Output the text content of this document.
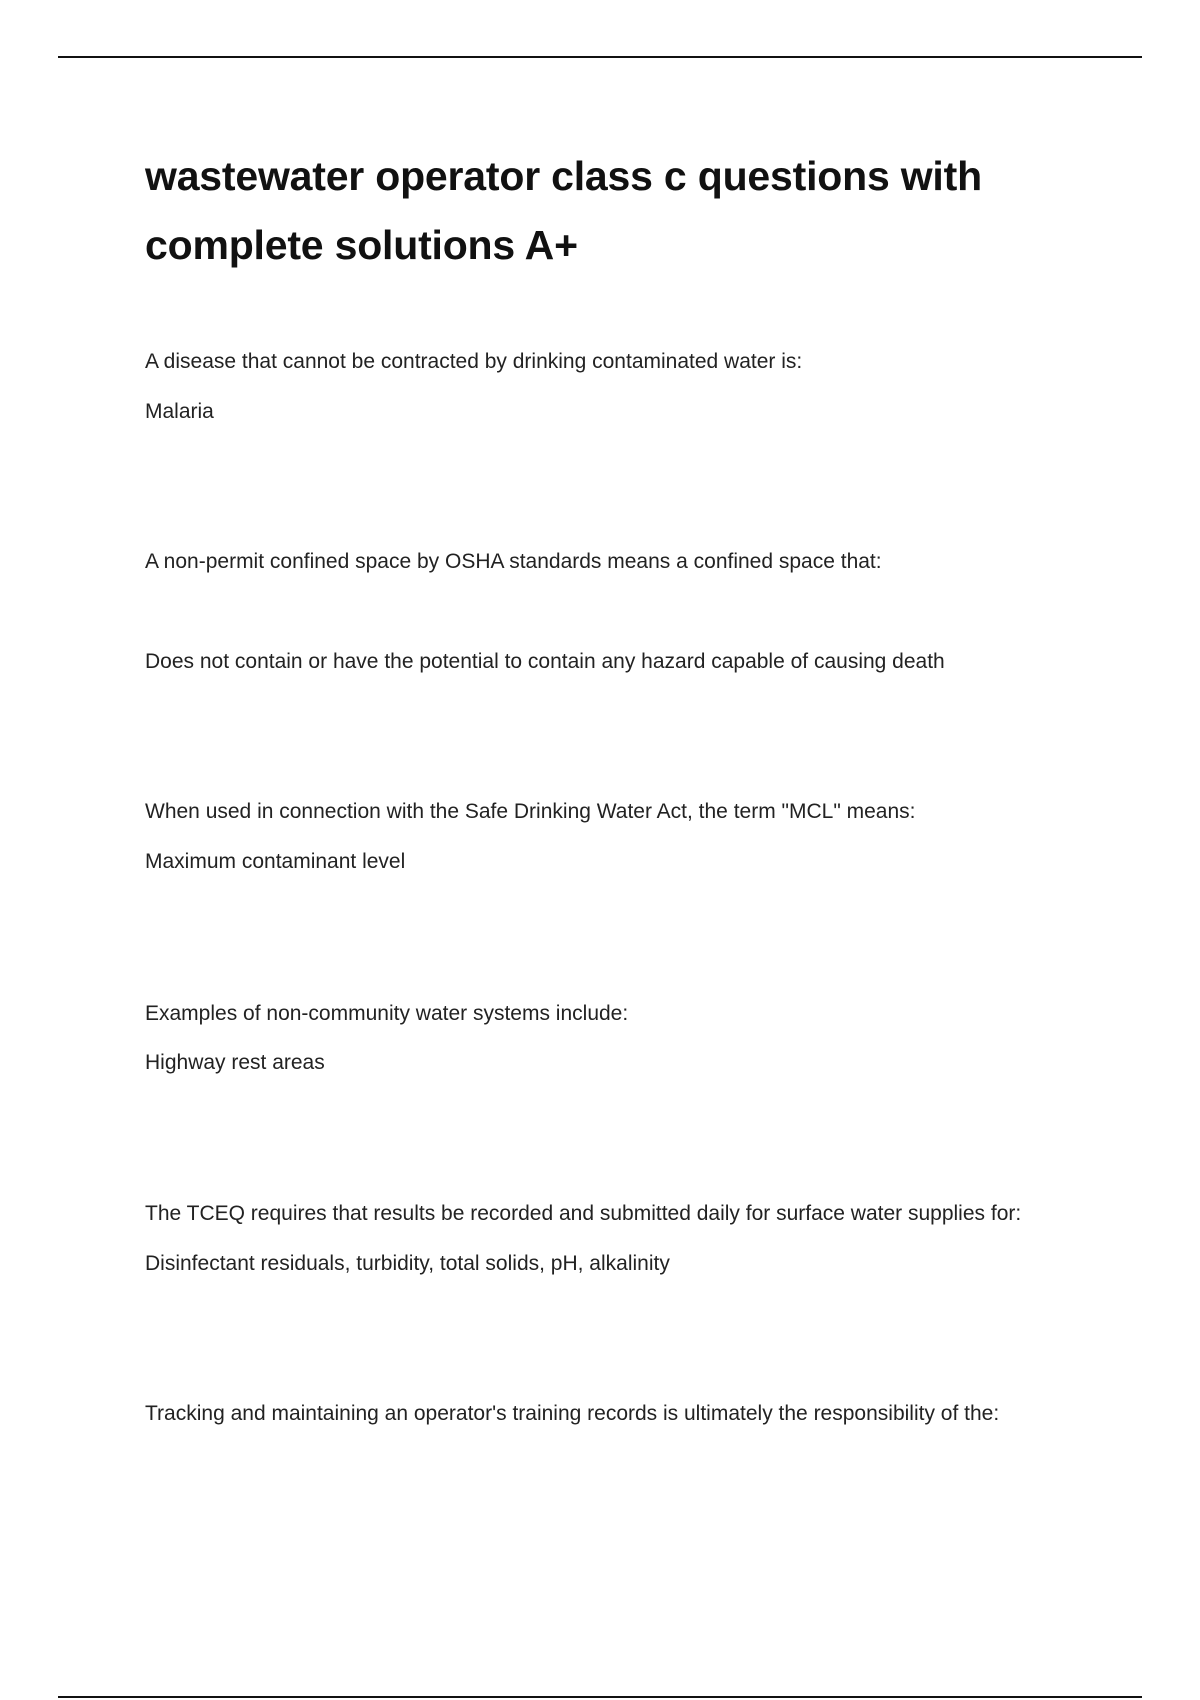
wastewater operator class c questions with complete solutions A+

A disease that cannot be contracted by drinking contaminated water is:

Malaria

A non-permit confined space by OSHA standards means a confined space that:

Does not contain or have the potential to contain any hazard capable of causing death

When used in connection with the Safe Drinking Water Act, the term "MCL" means:

Maximum contaminant level

Examples of non-community water systems include:

Highway rest areas

The TCEQ requires that results be recorded and submitted daily for surface water supplies for:

Disinfectant residuals, turbidity, total solids, pH, alkalinity

Tracking and maintaining an operator's training records is ultimately the responsibility of the:
